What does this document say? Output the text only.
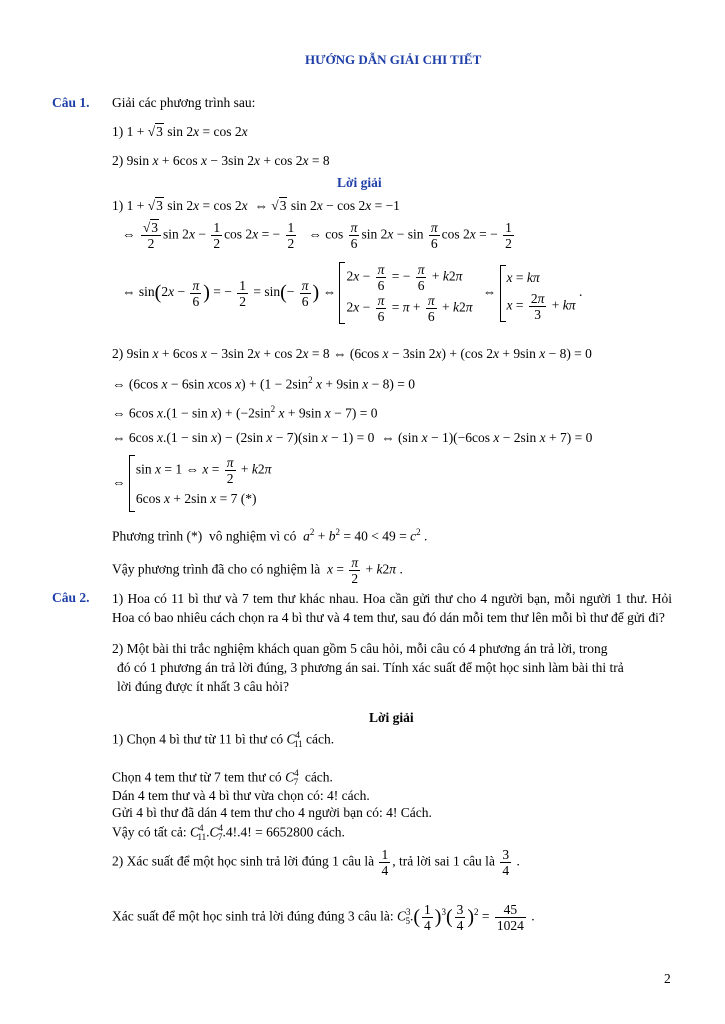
HƯỚNG DẪN GIẢI CHI TIẾT
Câu 1. Giải các phương trình sau:
1) 1 + √3 sin 2x = cos 2x
2) 9sin x + 6cos x − 3sin 2x + cos 2x = 8
Lời giải
1) 1 + √3 sin 2x = cos 2x  ⇔ √3 sin 2x − cos 2x = −1
⇔ $\frac{√3}{2}$ $\sin 2x - \frac{1}{2}$ cos 2x = − $\frac{1}{2}$ ⇔ $\cos \frac{\pi}{6}$ $\sin 2x - \sin \frac{\pi}{6}$ cos 2x = − $\frac{1}{2}$
⇔ $\sin(2x - \frac{\pi}{6}$ ) = − $\frac{1}{2} = \sin(- \frac{\pi}{6}$ ) ⇔
$2x - \frac{\pi}{6}$ = − $\frac{\pi}{6} + k2\pi$
$2x - \frac{\pi}{6} = \pi + \frac{\pi}{6} + k2\pi$
⇔
x = kπ
$x = \frac{2\pi}{3} + k\pi$
.
2) 9sin x + 6cos x − 3sin 2x + cos 2x = 8 ⇔ (6cos x − 3sin 2x) + (cos 2x + 9sin x − 8) = 0
⇔ (6cos x − 6sin xcos $x) + (1 - 2\sin^2$ x + 9sin x − 8) = 0
⇔ 6cos $x.(1 - \sin x) + (-2\sin^2$ x + 9sin x − 7) = 0
⇔ 6cos x.(1 − sin x) − (2sin x − 7)(sin x − 1) = 0  ⇔ (sin x − 1)(−6cos x − 2sin x + 7) = 0
⇔
sin x = 1 ⇔ $x = \frac{\pi}{2} + k2\pi$
6cos x + 2sin x = 7 (*)
Phương trình (*)  vô nghiệm vì có $a^2 + b^2 = 40 < 49 = c^2$ .
Vậy phương trình đã cho có nghiệm là $x = \frac{\pi}{2} + k2\pi$ .
Câu 2. 1) Hoa có 11 bì thư và 7 tem thư khác nhau. Hoa cần gửi thư cho 4 người bạn, mỗi người 1 thư. Hỏi Hoa có bao nhiêu cách chọn ra 4 bì thư và 4 tem thư, sau đó dán mỗi tem thư lên mỗi bì thư để gửi đi?
2) Một bài thi trắc nghiệm khách quan gồm 5 câu hỏi, mỗi câu có 4 phương án trả lời, trong
đó có 1 phương án trả lời đúng, 3 phương án sai. Tính xác suất để một học sinh làm bài thi trả
lời đúng được ít nhất 3 câu hỏi?
Lời giải
1) Chọn 4 bì thư từ 11 bì thư có $C^4_{11}$ cách.
Chọn 4 tem thư từ 7 tem thư có $C^4_7$ cách.
Dán 4 tem thư và 4 bì thư vừa chọn có: 4! cách.
Gửi 4 bì thư đã dán 4 tem thư cho 4 người bạn có: 4! Cách.
Vậy có tất cả: $C^4_{11}.C^4_7.4!.4$! = 6652800 cách.
2) Xác suất để một học sinh trả lời đúng 1 câu là $\frac{1}{4}$ , trả lời sai 1 câu là $\frac{3}{4}$ .
Xác suất để một học sinh trả lời đúng đúng 3 câu là: $C^3_5.( \frac{1}{4} )^3( \frac{3}{4} )^2 = \frac{45}{1024}$ .
2
